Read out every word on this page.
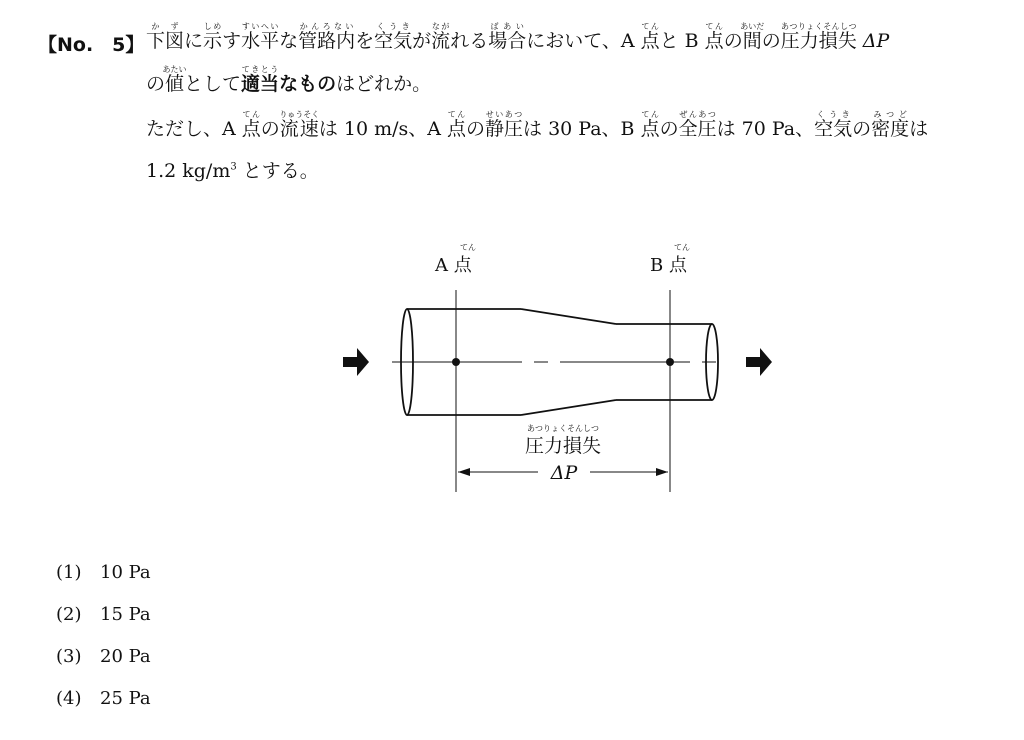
【No.　5】 下か図ずに示しめす水平すいへいな管路内かんろないを空気くうきが流ながれる場合ばあいにおいて、A 点てんと B 点てんの間あいだの圧力損失あつりょくそんしつ ΔP
の値あたいとして適当てきとうなものはどれか。
ただし、A 点てんの流速りゅうそくは 10 m/s、A 点てんの静圧せいあつは 30 Pa、B 点てんの全圧ぜんあつは 70 Pa、空気くうきの密度みつどは
1.2 $kg/m^3$ とする。
A 点
てん
B 点
てん
あつりょくそんしつ
圧力損失
ΔP
(1) 10 Pa
(2) 15 Pa
(3) 20 Pa
(4) 25 Pa
